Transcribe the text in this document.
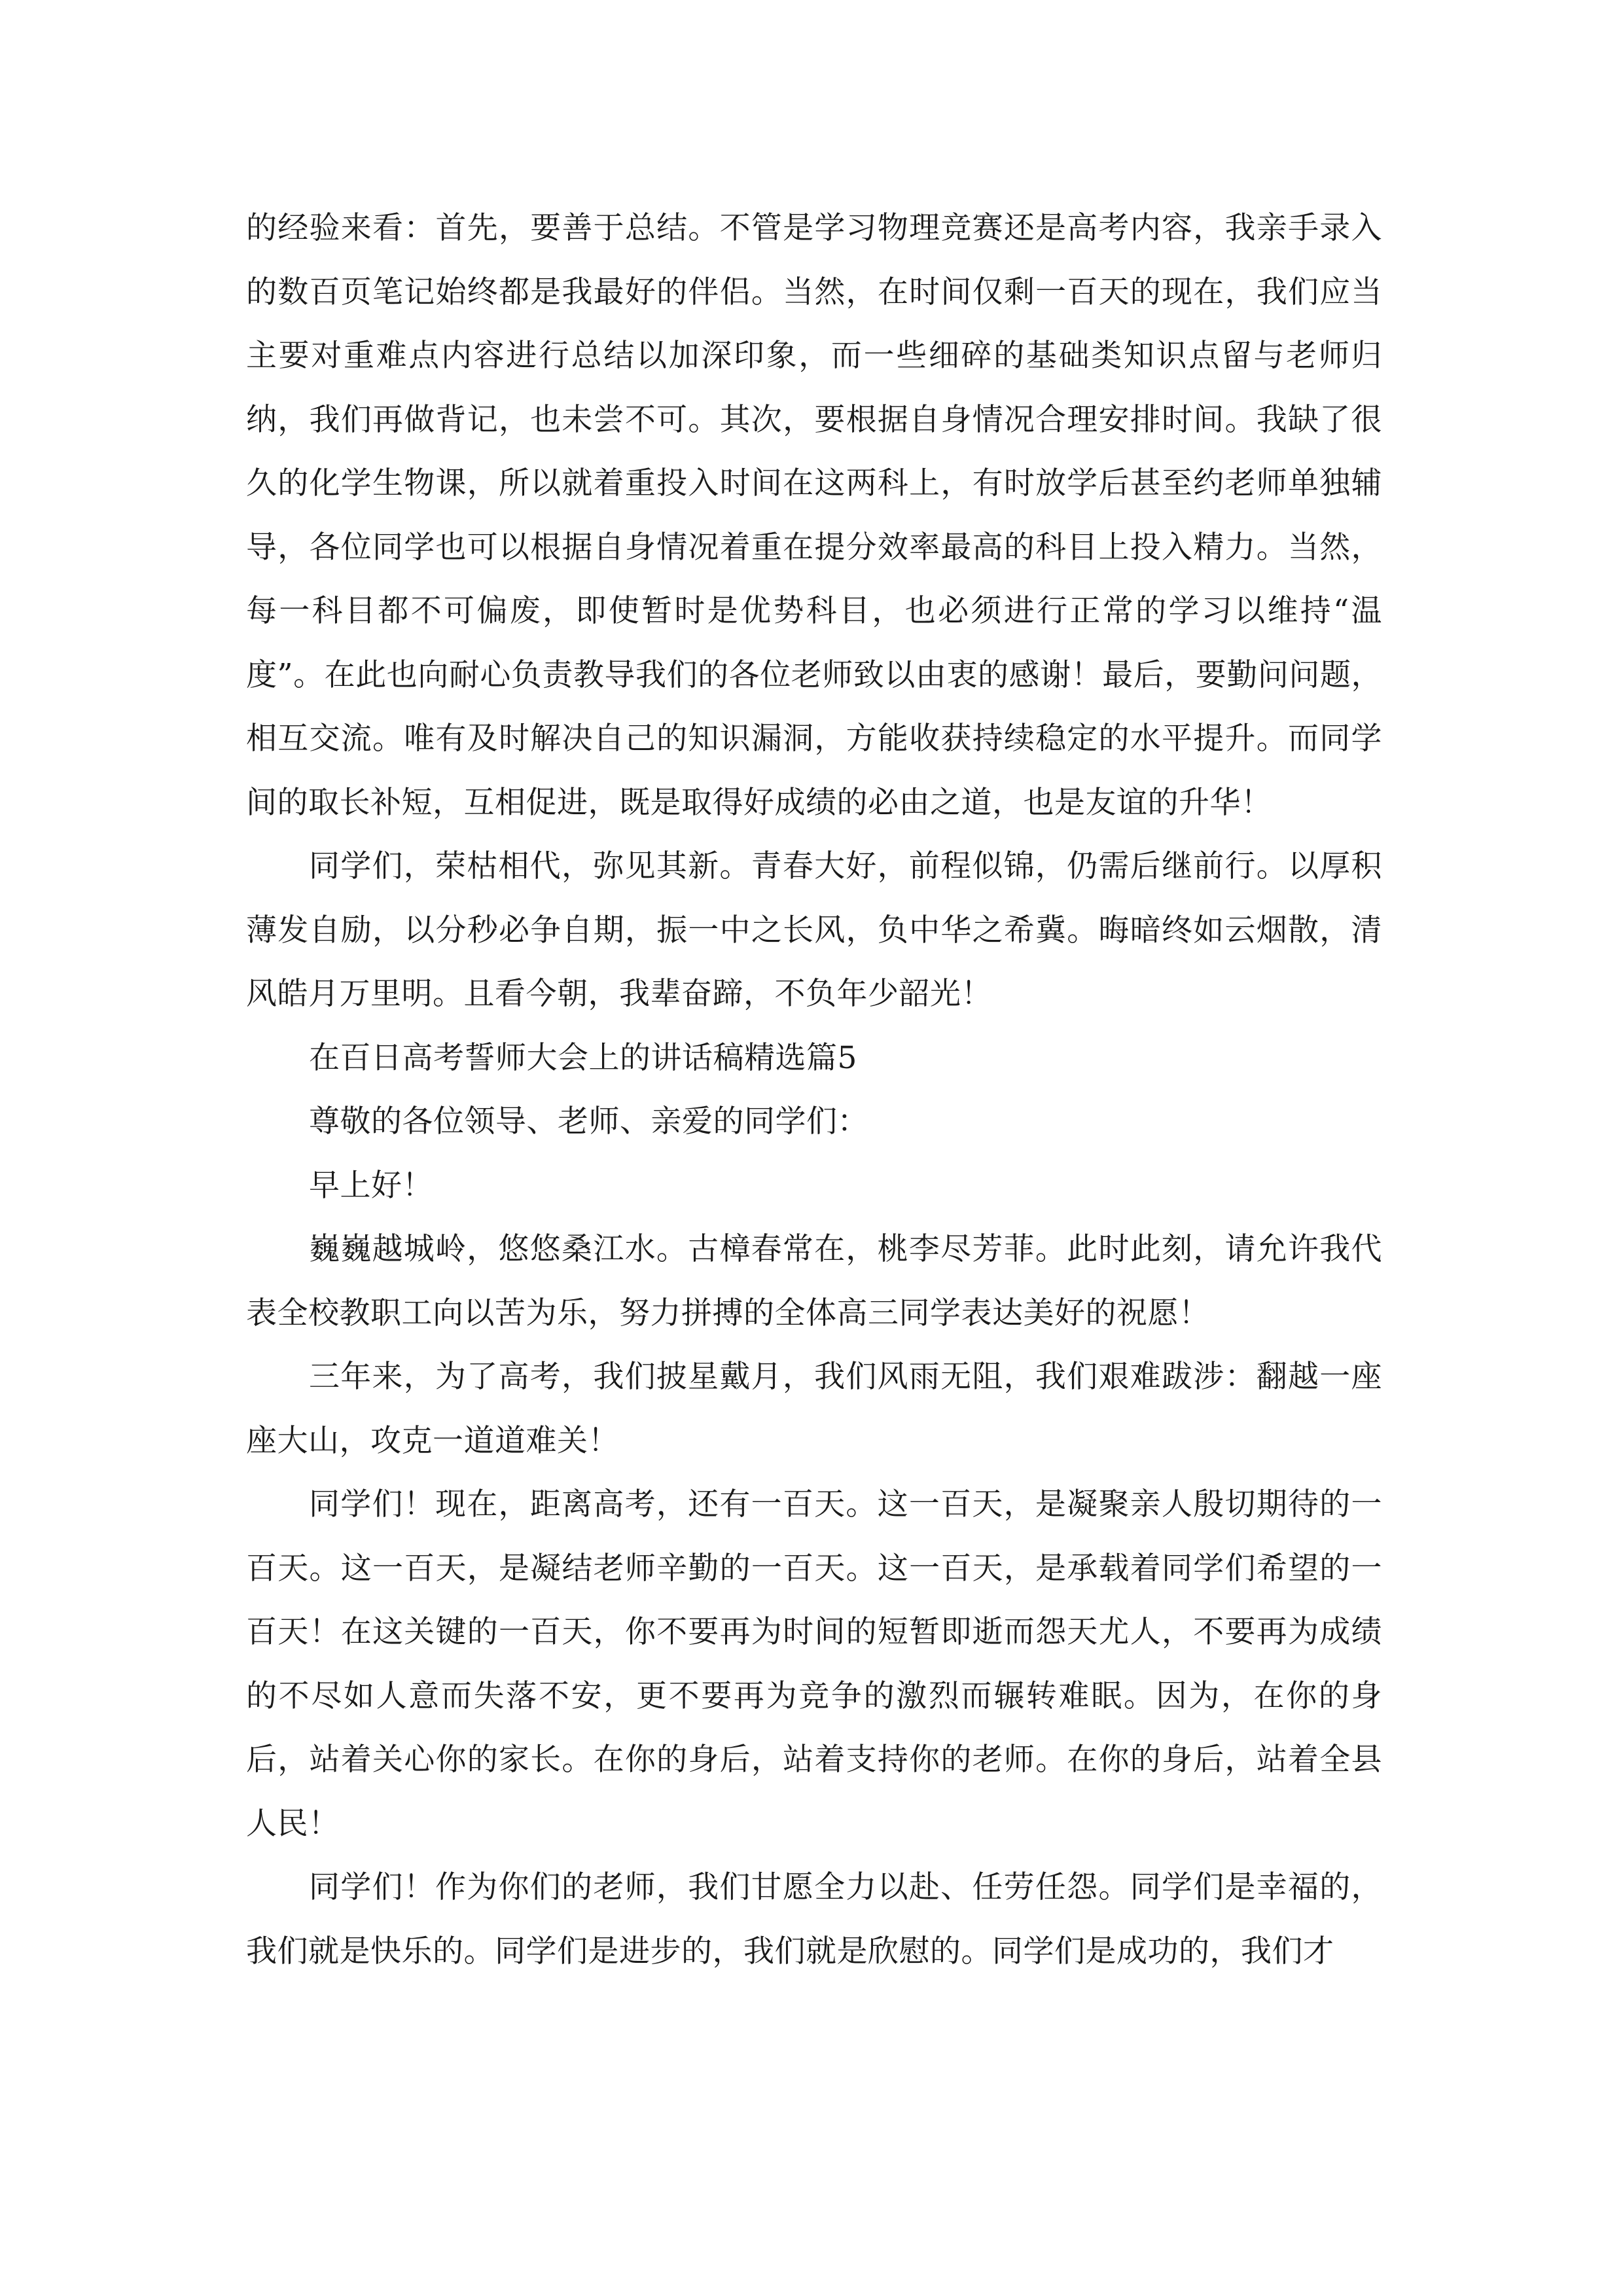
的经验来看：首先，要善于总结。不管是学习物理竞赛还是高考内容，我亲手录入的数百页笔记始终都是我最好的伴侣。当然，在时间仅剩一百天的现在，我们应当主要对重难点内容进行总结以加深印象，而一些细碎的基础类知识点留与老师归纳，我们再做背记，也未尝不可。其次，要根据自身情况合理安排时间。我缺了很久的化学生物课，所以就着重投入时间在这两科上，有时放学后甚至约老师单独辅导，各位同学也可以根据自身情况着重在提分效率最高的科目上投入精力。当然，每一科目都不可偏废，即使暂时是优势科目，也必须进行正常的学习以维持“温度”。在此也向耐心负责教导我们的各位老师致以由衷的感谢！最后，要勤问问题，相互交流。唯有及时解决自己的知识漏洞，方能收获持续稳定的水平提升。而同学间的取长补短，互相促进，既是取得好成绩的必由之道，也是友谊的升华！

同学们，荣枯相代，弥见其新。青春大好，前程似锦，仍需后继前行。以厚积薄发自励，以分秒必争自期，振一中之长风，负中华之希冀。晦暗终如云烟散，清风皓月万里明。且看今朝，我辈奋蹄，不负年少韶光！

在百日高考誓师大会上的讲话稿精选篇5

尊敬的各位领导、老师、亲爱的同学们：

早上好！

巍巍越城岭，悠悠桑江水。古樟春常在，桃李尽芳菲。此时此刻，请允许我代表全校教职工向以苦为乐，努力拼搏的全体高三同学表达美好的祝愿！

三年来，为了高考，我们披星戴月，我们风雨无阻，我们艰难跋涉：翻越一座座大山，攻克一道道难关！

同学们！现在，距离高考，还有一百天。这一百天，是凝聚亲人殷切期待的一百天。这一百天，是凝结老师辛勤的一百天。这一百天，是承载着同学们希望的一百天！在这关键的一百天，你不要再为时间的短暂即逝而怨天尤人，不要再为成绩的不尽如人意而失落不安，更不要再为竞争的激烈而辗转难眠。因为，在你的身后，站着关心你的家长。在你的身后，站着支持你的老师。在你的身后，站着全县人民！

同学们！作为你们的老师，我们甘愿全力以赴、任劳任怨。同学们是幸福的，我们就是快乐的。同学们是进步的，我们就是欣慰的。同学们是成功的，我们才
